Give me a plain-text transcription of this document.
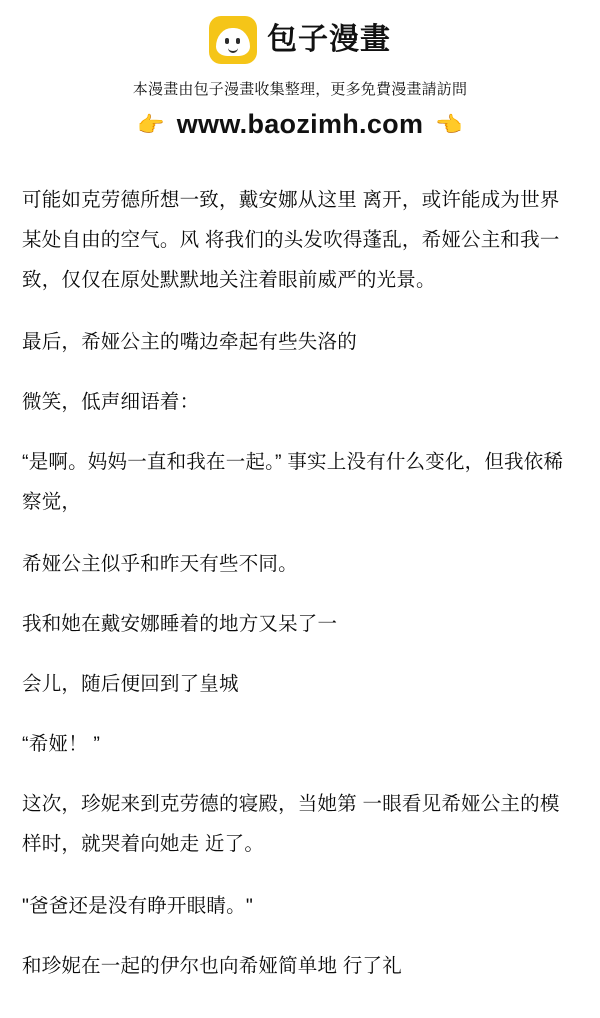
包子漫畫
本漫畫由包子漫畫收集整理，更多免費漫畫請訪問
👉 www.baozimh.com 👈

可能如克劳德所想一致，戴安娜从这里 离开，或许能成为世界某处自由的空气。风 将我们的头发吹得蓬乱，希娅公主和我一致，仅仅在原处默默地关注着眼前威严的光景。

最后，希娅公主的嘴边牵起有些失洛的

微笑，低声细语着：

“是啊。妈妈一直和我在一起。” 事实上没有什么变化，但我依稀察觉，

希娅公主似乎和昨天有些不同。

我和她在戴安娜睡着的地方又呆了一

会儿，随后便回到了皇城

“希娅！ ”

这次，珍妮来到克劳德的寝殿，当她第 一眼看见希娅公主的模样时，就哭着向她走 近了。

"爸爸还是没有睁开眼睛。"

和珍妮在一起的伊尔也向希娅简单地 行了礼
